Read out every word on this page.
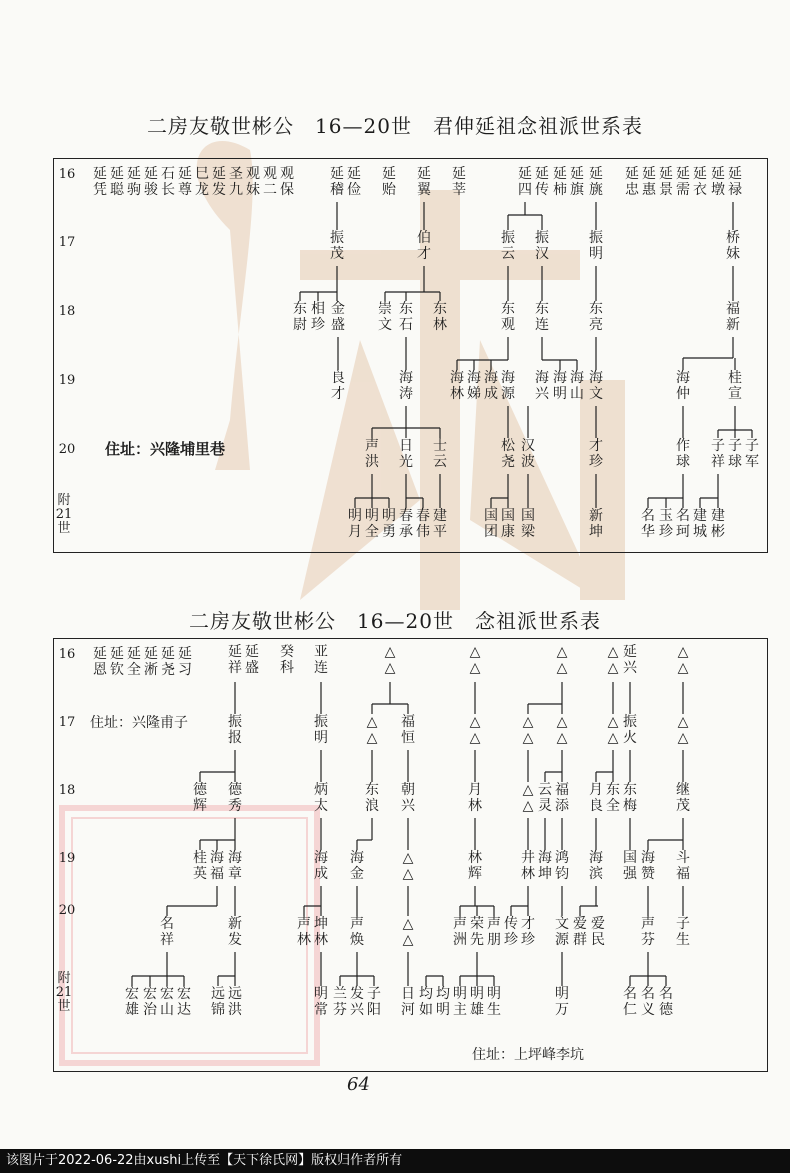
二房友敬世彬公　16—20世　君伸延祖念祖派世系表
16
17
18
19
20
附21世
延凭
延聪
延驹
延骏
石长
延尊
巳龙
延发
圣九
观妹
观二
观保
延稽
延俭
延贻
延翼
延莘
延四
延传
延柿
延旗
延旐
延忠
延惠
延景
延需
延衣
延墩
延禄
振茂
伯才
振云
振汉
振明
桥妹
东尉
相珍
金盛
崇文
东石
东林
东观
东连
东亮
福新
良才
海涛
海林
海娣
海成
海源
海兴
海明
海山
海文
海仲
桂宣
声洪
日光
士云
松尧
汉波
才珍
作球
子祥
子球
子军
明月
明全
明勇
春承
春伟
建平
国团
国康
国梁
新坤
名华
玉珍
名珂
建城
建彬
住址：兴隆埔里巷
二房友敬世彬公　16—20世　念祖派世系表
16
17
18
19
20
附21世
延恩
延钦
延全
延淅
延尧
延习
延祥
延盛
癸科
亚连
△△
△△
△△
△△
延兴
△△
振报
振明
△△
福恒
△△
△△
△△
△△
振火
△△
德辉
德秀
炳太
东浪
朝兴
月林
△△
云灵
福添
月良
东全
东梅
继茂
桂英
海福
海章
海成
海金
△△
林辉
井林
海坤
鸿钧
海滨
国强
海赞
斗福
名祥
新发
声林
坤林
声焕
△△
声洲
荣先
声朋
传珍
才珍
文源
爱群
爱民
声芬
子生
宏雄
宏治
宏山
宏达
远锦
远洪
明常
兰芬
发兴
子阳
日河
均如
均明
明主
明雄
明生
明万
名仁
名义
名德
住址：兴隆甫子
住址：上坪峰李坑
64
该图片于2022-06-22由xushi上传至【天下徐氏网】版权归作者所有
